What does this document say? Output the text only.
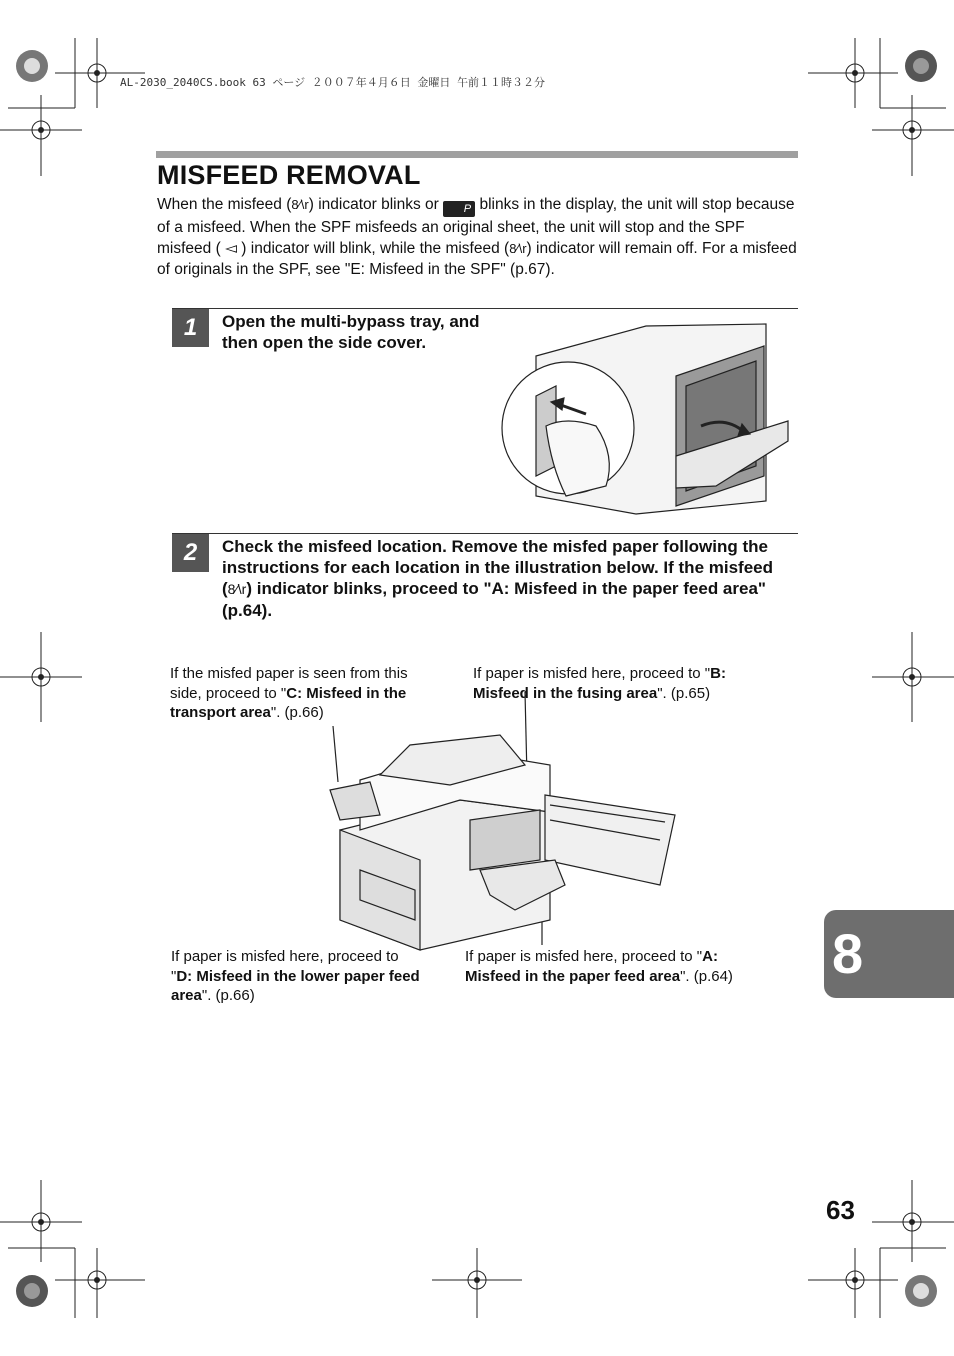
AL-2030_2040CS.book 63 ページ ２００７年４月６日 金曜日 午前１１時３２分
MISFEED REMOVAL
When the misfeed (8⁄\r) indicator blinks or P blinks in the display, the unit will stop because of a misfeed. When the SPF misfeeds an original sheet, the unit will stop and the SPF misfeed ( ◅ ) indicator will blink, while the misfeed (8⁄\r) indicator will remain off. For a misfeed of originals in the SPF, see "E: Misfeed in the SPF" (p.67).
1	Open the multi-bypass tray, and then open the side cover.
2	Check the misfeed location. Remove the misfed paper following the instructions for each location in the illustration below. If the misfeed (8⁄\r) indicator blinks, proceed to "A: Misfeed in the paper feed area" (p.64).
If the misfed paper is seen from this side, proceed to "C: Misfeed in the transport area". (p.66)
If paper is misfed here, proceed to "B: Misfeed in the fusing area". (p.65)
If paper is misfed here, proceed to "D: Misfeed in the lower paper feed area". (p.66)
If paper is misfed here, proceed to "A: Misfeed in the paper feed area". (p.64)	8
63
